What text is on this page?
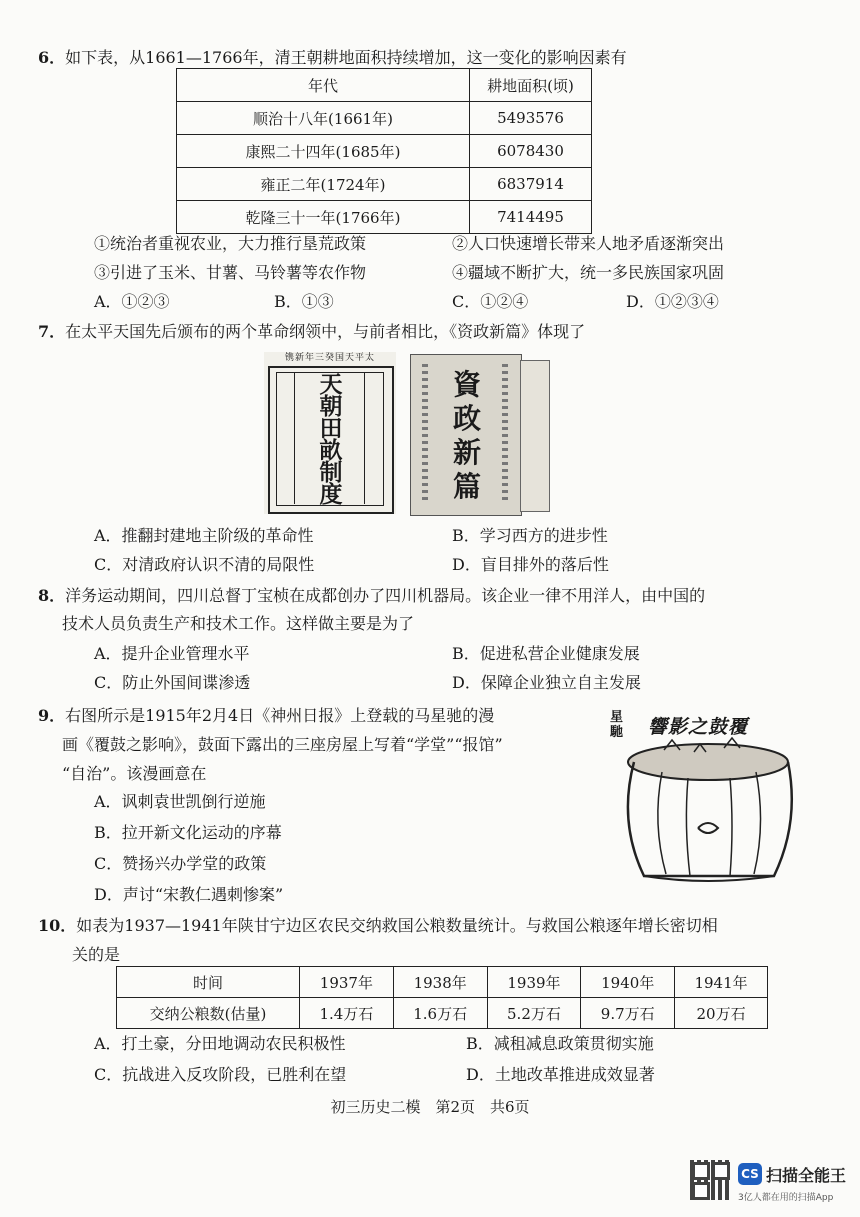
6．如下表，从1661—1766年，清王朝耕地面积持续增加，这一变化的影响因素有
年代	耕地面积(顷)
顺治十八年(1661年)	5493576
康熙二十四年(1685年)	6078430
雍正二年(1724年)	6837914
乾隆三十一年(1766年)	7414495
①统治者重视农业，大力推行垦荒政策	②人口快速增长带来人地矛盾逐渐突出
③引进了玉米、甘薯、马铃薯等农作物	④疆域不断扩大，统一多民族国家巩固
A．①②③	B．①③	C．①②④	D．①②③④
7．在太平天国先后颁布的两个革命纲领中，与前者相比，《资政新篇》体现了
镌新年三癸国天平太
天
朝
田
畝
制
度
資
政
新
篇
A．推翻封建地主阶级的革命性	B．学习西方的进步性
C．对清政府认识不清的局限性	D．盲目排外的落后性
8．洋务运动期间，四川总督丁宝桢在成都创办了四川机器局。该企业一律不用洋人，由中国的
技术人员负责生产和技术工作。这样做主要是为了
A．提升企业管理水平	B．促进私营企业健康发展
C．防止外国间谍渗透	D．保障企业独立自主发展
9．右图所示是1915年2月4日《神州日报》上登载的马星驰的漫
画《覆鼓之影响》，鼓面下露出的三座房屋上写着“学堂”“报馆”
“自治”。该漫画意在
響影之鼓覆
星馳
A．讽刺袁世凯倒行逆施
B．拉开新文化运动的序幕
C．赞扬兴办学堂的政策
D．声讨“宋教仁遇刺惨案”
10．如表为1937—1941年陕甘宁边区农民交纳救国公粮数量统计。与救国公粮逐年增长密切相
关的是
时间	1937年	1938年	1939年	1940年	1941年
交纳公粮数(估量)	1.4万石	1.6万石	5.2万石	9.7万石	20万石
A．打土豪，分田地调动农民积极性	B．减租减息政策贯彻实施
C．抗战进入反攻阶段，已胜利在望	D．土地改革推进成效显著
初三历史二模　第2页　共6页
CS 扫描全能王
3亿人都在用的扫描App
